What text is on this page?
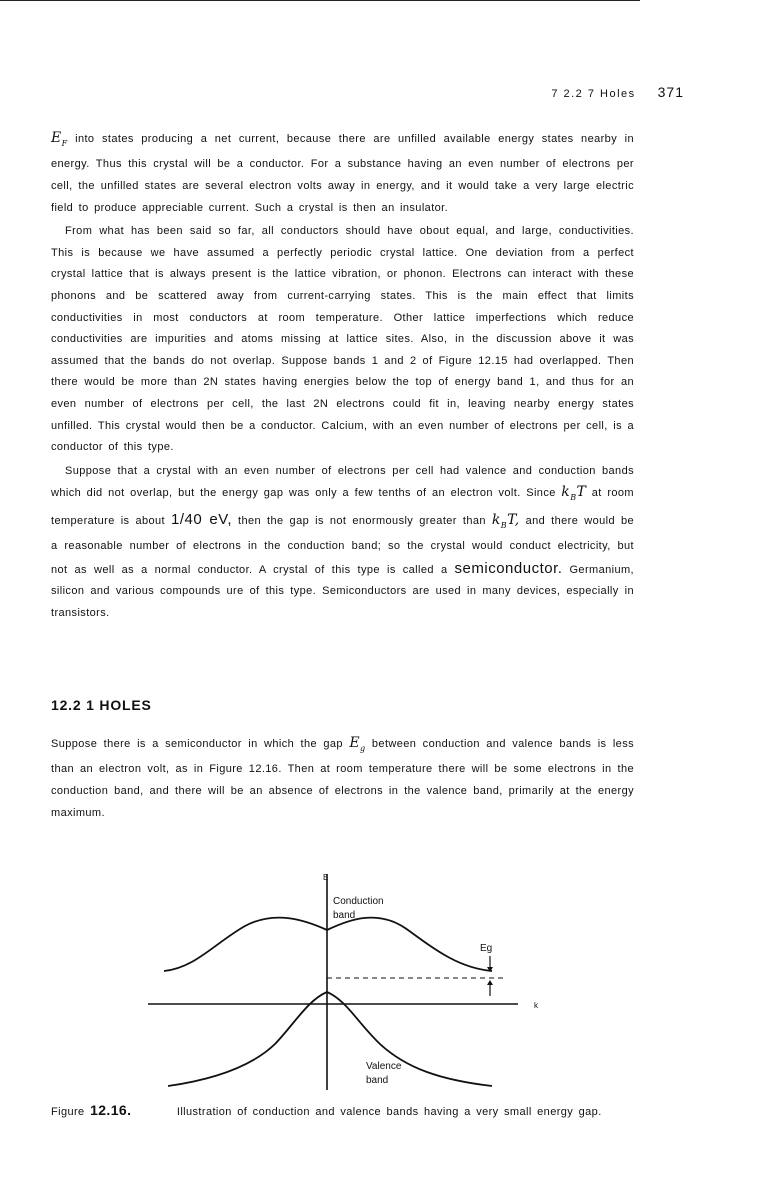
7 2.2 7 Holes 371

$E_F$ into states producing a net current, because there are unfilled available energy states nearby in energy. Thus this crystal will be a conductor. For a substance having an even number of electrons per cell, the unfilled states are several electron volts away in energy, and it would take a very large electric field to produce appreciable current. Such a crystal is then an insulator.

From what has been said so far, all conductors should have obout equal, and large, conductivities. This is because we have assumed a perfectly periodic crystal lattice. One deviation from a perfect crystal lattice that is always present is the lattice vibration, or phonon. Electrons can interact with these phonons and be scattered away from current-carrying states. This is the main effect that limits conductivities in most conductors at room temperature. Other lattice imperfections which reduce conductivities are impurities and atoms missing at lattice sites. Also, in the discussion above it was assumed that the bands do not overlap. Suppose bands 1 and 2 of Figure 12.15 had overlapped. Then there would be more than 2N states having energies below the top of energy band 1, and thus for an even number of electrons per cell, the last 2N electrons could fit in, leaving nearby energy states unfilled. This crystal would then be a conductor. Calcium, with an even number of electrons per cell, is a conductor of this type.

Suppose that a crystal with an even number of electrons per cell had valence and conduction bands which did not overlap, but the energy gap was only a few tenths of an electron volt. Since $k_BT$ at room temperature is about 1/40 eV, then the gap is not enormously greater than $k_BT$, and there would be a reasonable number of electrons in the conduction band; so the crystal would conduct electricity, but not as well as a normal conductor. A crystal of this type is called a semiconductor. Germanium, silicon and various compounds ure of this type. Semiconductors are used in many devices, especially in transistors.

12.2 1 HOLES

Suppose there is a semiconductor in which the gap $E_g$ between conduction and valence bands is less than an electron volt, as in Figure 12.16. Then at room temperature there will be some electrons in the conduction band, and there will be an absence of electrons in the valence band, primarily at the energy maximum.

E
k
Conduction
band
Eg
Valence
band
Figure 12.16.	Illustration of conduction and valence bands having a very small energy gap.
